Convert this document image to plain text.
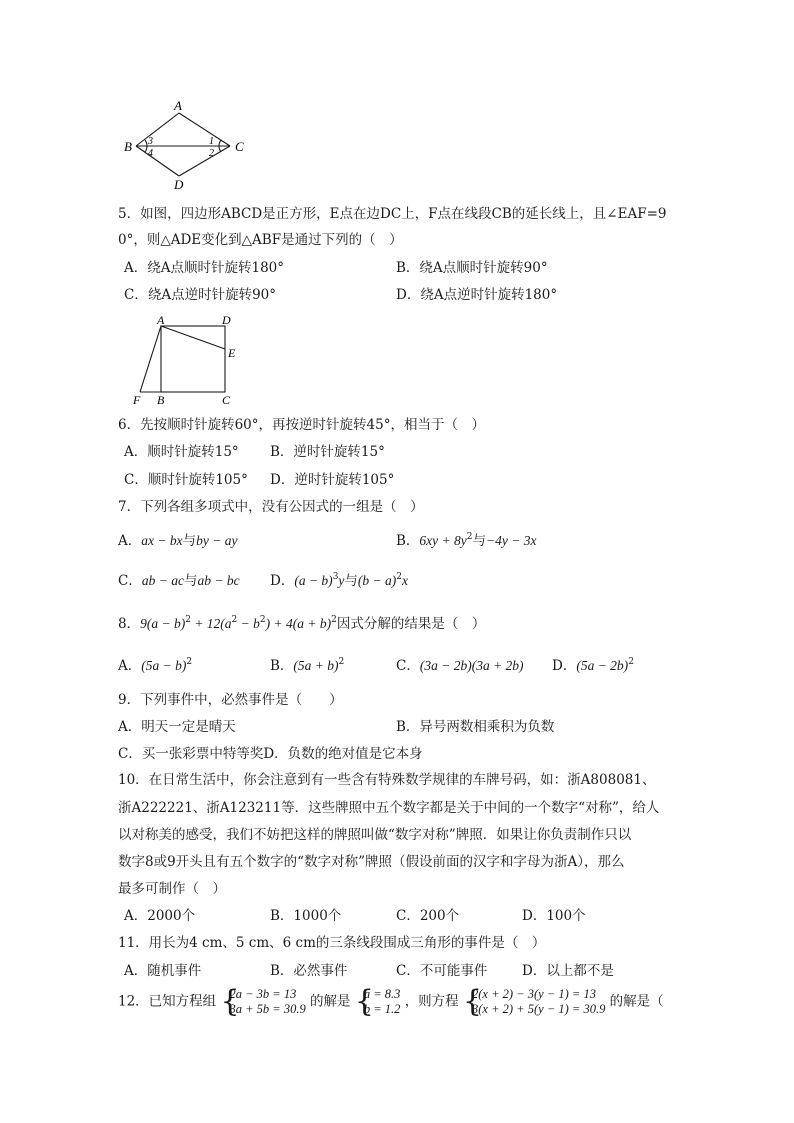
A
B	C
D
3
4
1
2
5．如图，四边形ABCD是正方形，E点在边DC上，F点在线段CB的延长线上，且∠EAF=9
0°，则△ADE变化到△ABF是通过下列的（　）
A．绕A点顺时针旋转180°	B．绕A点顺时针旋转90°
C．绕A点逆时针旋转90°	D．绕A点逆时针旋转180°
A	D
E
F B	C
6．先按顺时针旋转60°，再按逆时针旋转45°，相当于（　）
A．顺时针旋转15° B．逆时针旋转15°
C．顺时针旋转105° D．逆时针旋转105°
7．下列各组多项式中，没有公因式的一组是（　）
A．ax − bx与by − ay	B．$6xy + 8y^2$与−4y − 3x
C．ab − ac与ab − bc D．$(a - b)^3y$与$(b - a)^2x$
8．$9(a - b)^2 + 12(a^2 - b^2) + 4(a + b)^2$因式分解的结果是（　）
A．$(5a - b)^2$	B．$(5a + b)^2$	C．(3a − 2b)(3a + 2b) D．$(5a - 2b)^2$
9．下列事件中，必然事件是（　　）
A．明天一定是晴天	B．异号两数相乘积为负数
C．买一张彩票中特等奖D．负数的绝对值是它本身
10．在日常生活中，你会注意到有一些含有特殊数学规律的车牌号码，如：浙A808081、
浙A222221、浙A123211等．这些牌照中五个数字都是关于中间的一个数字“对称”，给人
以对称美的感受，我们不妨把这样的牌照叫做“数字对称”牌照．如果让你负责制作只以
数字8或9开头且有五个数字的“数字对称”牌照（假设前面的汉字和字母为浙A），那么
最多可制作（　）
A．2000个	B．1000个	C．200个	D．100个
11．用长为4 cm、5 cm、6 cm的三条线段围成三角形的事件是（　）
A．随机事件	B．必然事件	C．不可能事件	D．以上都不是
12．已知方程组 {
2a − 3b = 13
3a + 5b = 30.9 的解是 {
a = 8.3
b = 1.2 ，则方程 {
2(x + 2) − 3(y − 1) = 13
3(x + 2) + 5(y − 1) = 30.9 的解是（
